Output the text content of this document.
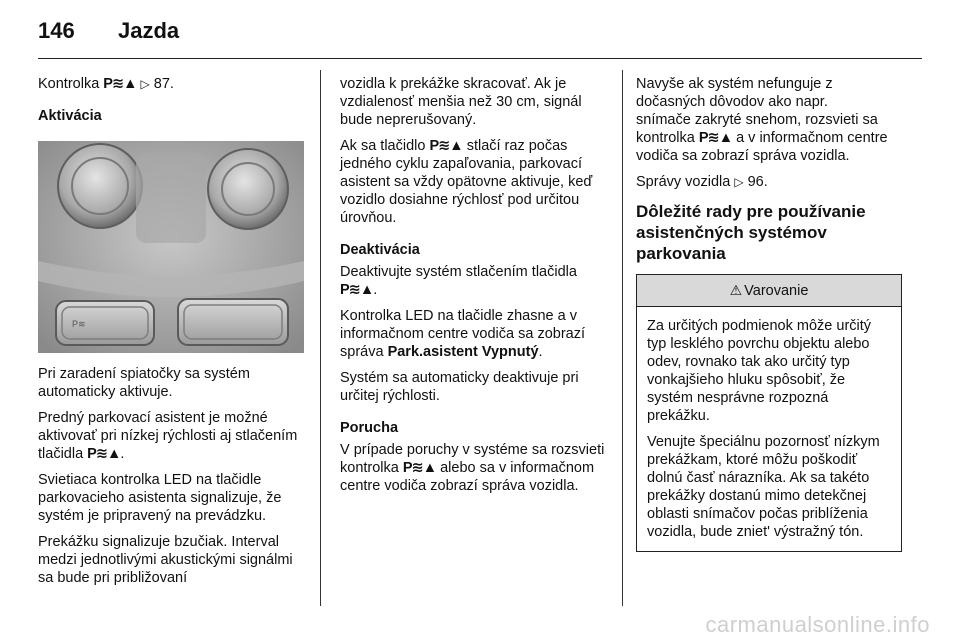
146 Jazda

Kontrolka P≋▲ ▷ 87.

Aktivácia

P≋

Pri zaradení spiatočky sa systém automaticky aktivuje.

Predný parkovací asistent je možné aktivovať pri nízkej rýchlosti aj stlačením tlačidla P≋▲.

Svietiaca kontrolka LED na tlačidle parkovacieho asistenta signalizuje, že systém je pripravený na prevádzku.

Prekážku signalizuje bzučiak. Interval medzi jednotlivými akustickými signálmi sa bude pri približovaní

vozidla k prekážke skracovať. Ak je vzdialenosť menšia než 30 cm, signál bude neprerušovaný.

Ak sa tlačidlo P≋▲ stlačí raz počas jedného cyklu zapaľovania, parkovací asistent sa vždy opätovne aktivuje, keď vozidlo dosiahne rýchlosť pod určitou úrovňou.

Deaktivácia

Deaktivujte systém stlačením tlačidla P≋▲.

Kontrolka LED na tlačidle zhasne a v informačnom centre vodiča sa zobrazí správa Park.asistent Vypnutý.

Systém sa automaticky deaktivuje pri určitej rýchlosti.

Porucha

V prípade poruchy v systéme sa rozsvieti kontrolka P≋▲ alebo sa v informačnom centre vodiča zobrazí správa vozidla.

Navyše ak systém nefunguje z dočasných dôvodov ako napr.

snímače zakryté snehom, rozsvieti sa kontrolka P≋▲ a v informačnom centre vodiča sa zobrazí správa vozidla.

Správy vozidla ▷ 96.

Dôležité rady pre používanie asistenčných systémov parkovania

⚠ Varovanie

Za určitých podmienok môže určitý typ lesklého povrchu objektu alebo odev, rovnako tak ako určitý typ vonkajšieho hluku spôsobiť, že systém nesprávne rozpozná prekážku.

Venujte špeciálnu pozornosť nízkym prekážkam, ktoré môžu poškodiť dolnú časť nárazníka. Ak sa takéto prekážky dostanú mimo detekčnej oblasti snímačov počas priblíženia vozidla, bude zniet' výstražný tón.

carmanualsonline.info
